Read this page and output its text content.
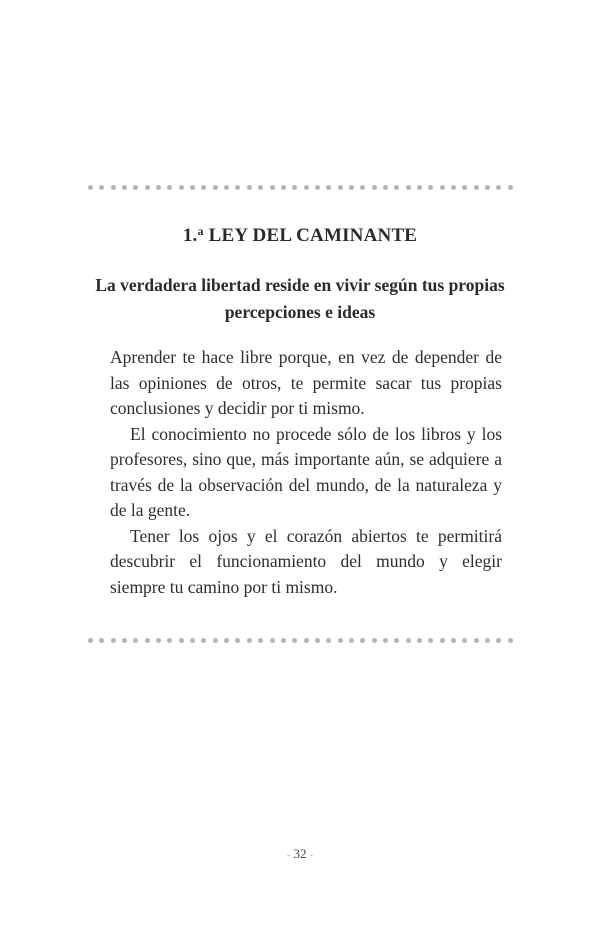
1.$^a$ LEY DEL CAMINANTE
La verdadera libertad reside en vivir según tus propias percepciones e ideas

Aprender te hace libre porque, en vez de depender de las opiniones de otros, te permite sacar tus propias conclusiones y decidir por ti mismo.

El conocimiento no procede sólo de los libros y los profesores, sino que, más importante aún, se adquiere a través de la observación del mundo, de la naturaleza y de la gente.

Tener los ojos y el corazón abiertos te permitirá descubrir el funcionamiento del mundo y elegir siempre tu camino por ti mismo.

- 32 -
